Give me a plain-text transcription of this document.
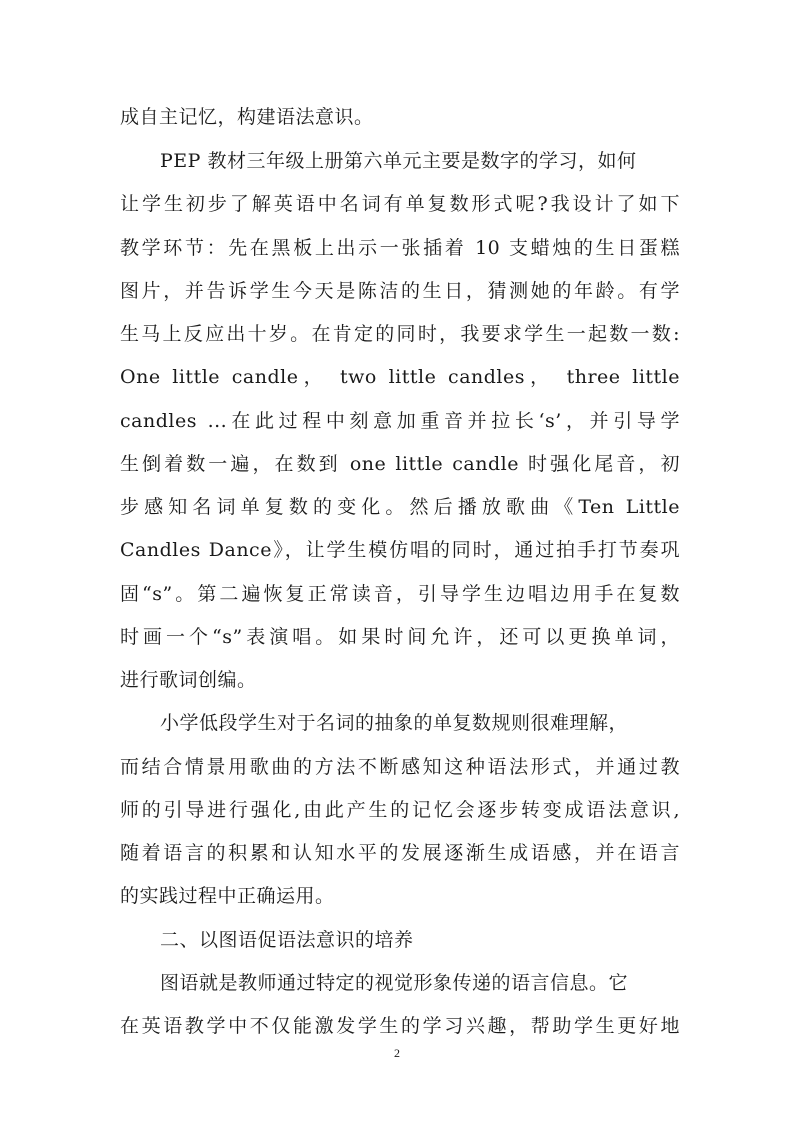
成自主记忆，构建语法意识。
PEP 教材三年级上册第六单元主要是数字的学习，如何
让学生初步了解英语中名词有单复数形式呢?我设计了如下
教学环节：先在黑板上出示一张插着 10 支蜡烛的生日蛋糕
图片，并告诉学生今天是陈洁的生日，猜测她的年龄。有学
生马上反应出十岁。在肯定的同时，我要求学生一起数一数:
One little candle， two little candles， three little
candles ...在此过程中刻意加重音并拉长‘s’，并引导学
生倒着数一遍，在数到 one little candle 时强化尾音，初
步感知名词单复数的变化。然后播放歌曲《Ten Little
Candles Dance》，让学生模仿唱的同时，通过拍手打节奏巩
固“s”。第二遍恢复正常读音，引导学生边唱边用手在复数
时画一个“s”表演唱。如果时间允许，还可以更换单词，
进行歌词创编。
小学低段学生对于名词的抽象的单复数规则很难理解，
而结合情景用歌曲的方法不断感知这种语法形式，并通过教
师的引导进行强化,由此产生的记忆会逐步转变成语法意识,
随着语言的积累和认知水平的发展逐渐生成语感，并在语言
的实践过程中正确运用。
二、以图语促语法意识的培养
图语就是教师通过特定的视觉形象传递的语言信息。它
在英语教学中不仅能激发学生的学习兴趣，帮助学生更好地
2
